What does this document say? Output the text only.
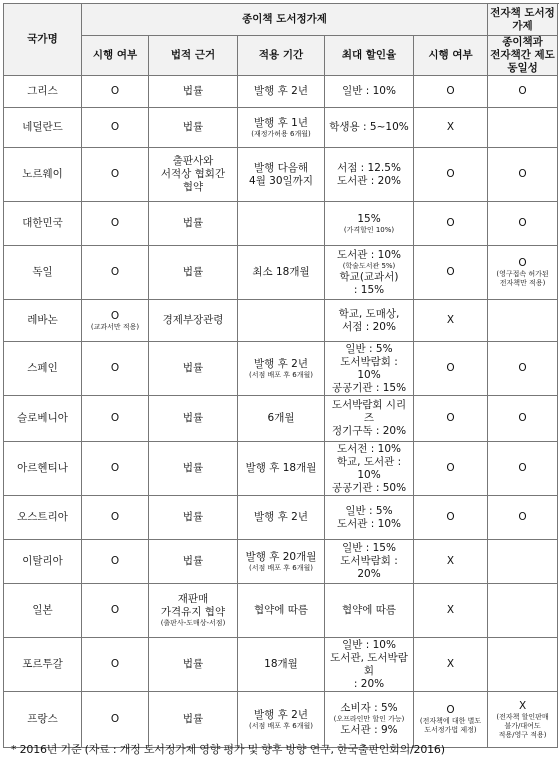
국가명	종이책 도서정가제					전자책 도서정가제

	시행 여부	법적 근거	적용 기간	최대 할인율	시행 여부	종이책과
전자책간 제도
동일성

그리스	O	법률	발행 후 2년	일반 : 10%	O	O

네덜란드	O	법률	발행 후 1년
(재정가허용 6개월)	학생용 : 5~10%	X	

노르웨이	O	출판사와
서적상 협회간
협약	발행 다음해
4월 30일까지	서점 : 12.5%
도서관 : 20%	O	O

대한민국	O	법률		15%
(가격할인 10%)	O	O

독일	O	법률	최소 18개월	도서관 : 10%
(학술도서관 5%)
학교(교과서)
: 15%	O	O
(영구접속 허가된
전자책만 적용)

레바논	O
(교과서만 적용)	경제부장관령		학교, 도매상,
서점 : 20%	X	

스페인	O	법률	발행 후 2년
(서점 배포 후 6개월)	일반 : 5%
도서박람회 : 10%
공공기관 : 15%	O	O

슬로베니아	O	법률	6개월	도서박람회 시리즈
정기구독 : 20%	O	O

아르헨티나	O	법률	발행 후 18개월	도서전 : 10%
학교, 도서관 : 10%
공공기관 : 50%	O	O

오스트리아	O	법률	발행 후 2년	일반 : 5%
도서관 : 10%	O	O

이탈리아	O	법률	발행 후 20개월
(서점 배포 후 6개월)	일반 : 15%
도서박람회 : 20%	X	

일본	O	재판매
가격유지 협약
(출판사-도매상-서점)	협약에 따름	협약에 따름	X	

포르투갈	O	법률	18개월	일반 : 10%
도서관, 도서박람회
: 20%	X	

프랑스	O	법률	발행 후 2년
(서점 배포 후 6개월)	소비자 : 5%
(오프라인만 할인 가능)
도서관 : 9%	O
(전자책에 대한 별도
도서정가법 제정)	X
(전자책 할인판매
불가/대여도
적용/영구 적용)
* 2016년 기준 (자료 : 개정 도서정가제 영향 평가 및 향후 방향 연구, 한국출판인회의/2016)
